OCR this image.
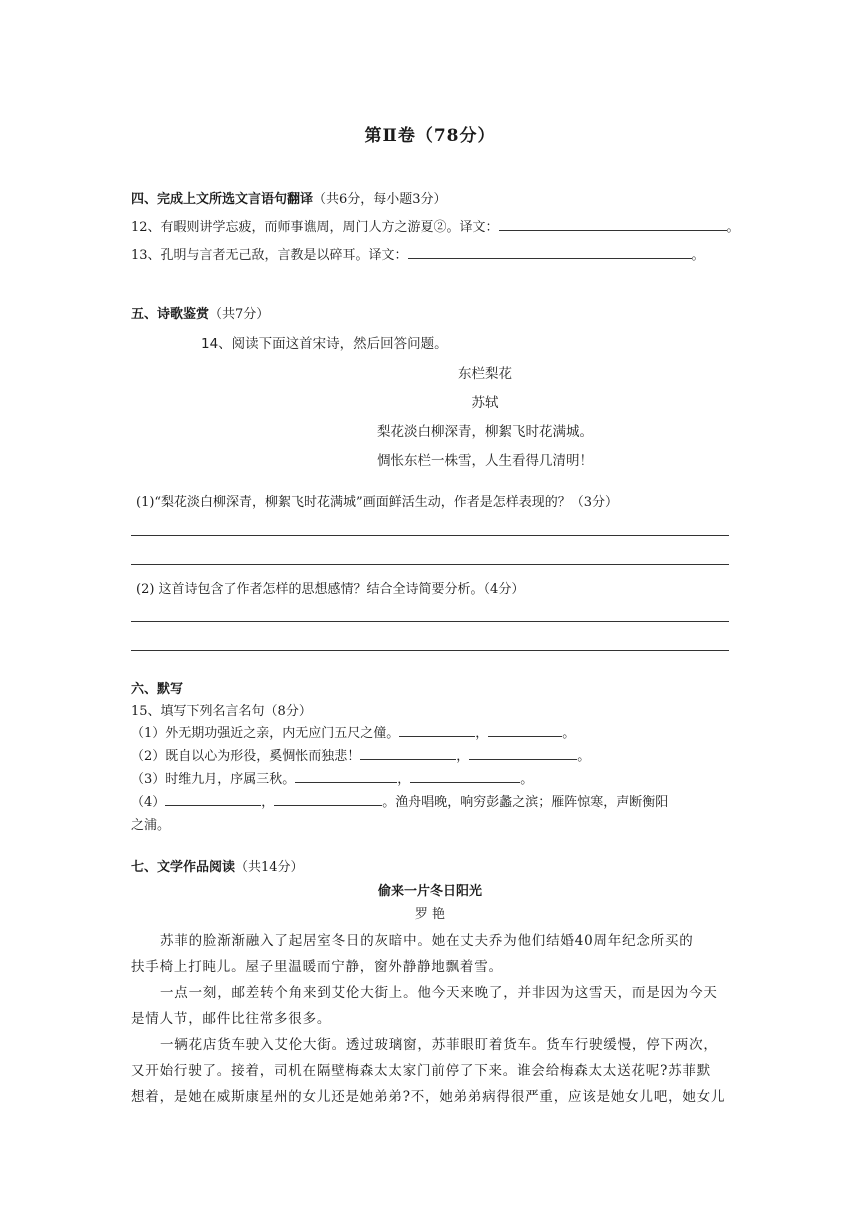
第Ⅱ卷（78分）
四、完成上文所选文言语句翻译（共6分，每小题3分）
12、有暇则讲学忘疲，而师事谯周，周门人方之游夏②。译文：	。
13、孔明与言者无己敌，言教是以碎耳。译文：	。
五、诗歌鉴赏（共7分）
14、阅读下面这首宋诗，然后回答问题。
东栏梨花
苏轼
梨花淡白柳深青，柳絮飞时花满城。
惆怅东栏一株雪，人生看得几清明！
(1)“梨花淡白柳深青，柳絮飞时花满城”画面鲜活生动，作者是怎样表现的？（3分）
(2) 这首诗包含了作者怎样的思想感情？结合全诗简要分析。（4分）
六、默写
15、填写下列名言名句（8分）
（1）外无期功强近之亲，内无应门五尺之僮。	，	。
（2）既自以心为形役，奚惆怅而独悲！	，	。
（3）时维九月，序属三秋。	，	。
（4）	，	。渔舟唱晚，响穷彭蠡之滨；雁阵惊寒，声断衡阳
之浦。
七、文学作品阅读（共14分）
偷来一片冬日阳光
罗 艳
苏菲的脸渐渐融入了起居室冬日的灰暗中。她在丈夫乔为他们结婚40周年纪念所买的
扶手椅上打盹儿。屋子里温暖而宁静，窗外静静地飘着雪。
一点一刻，邮差转个角来到艾伦大街上。他今天来晚了，并非因为这雪天，而是因为今天
是情人节，邮件比往常多很多。
一辆花店货车驶入艾伦大街。透过玻璃窗，苏菲眼盯着货车。货车行驶缓慢，停下两次，
又开始行驶了。接着，司机在隔壁梅森太太家门前停了下来。谁会给梅森太太送花呢?苏菲默
想着，是她在威斯康星州的女儿还是她弟弟?不，她弟弟病得很严重，应该是她女儿吧，她女儿
